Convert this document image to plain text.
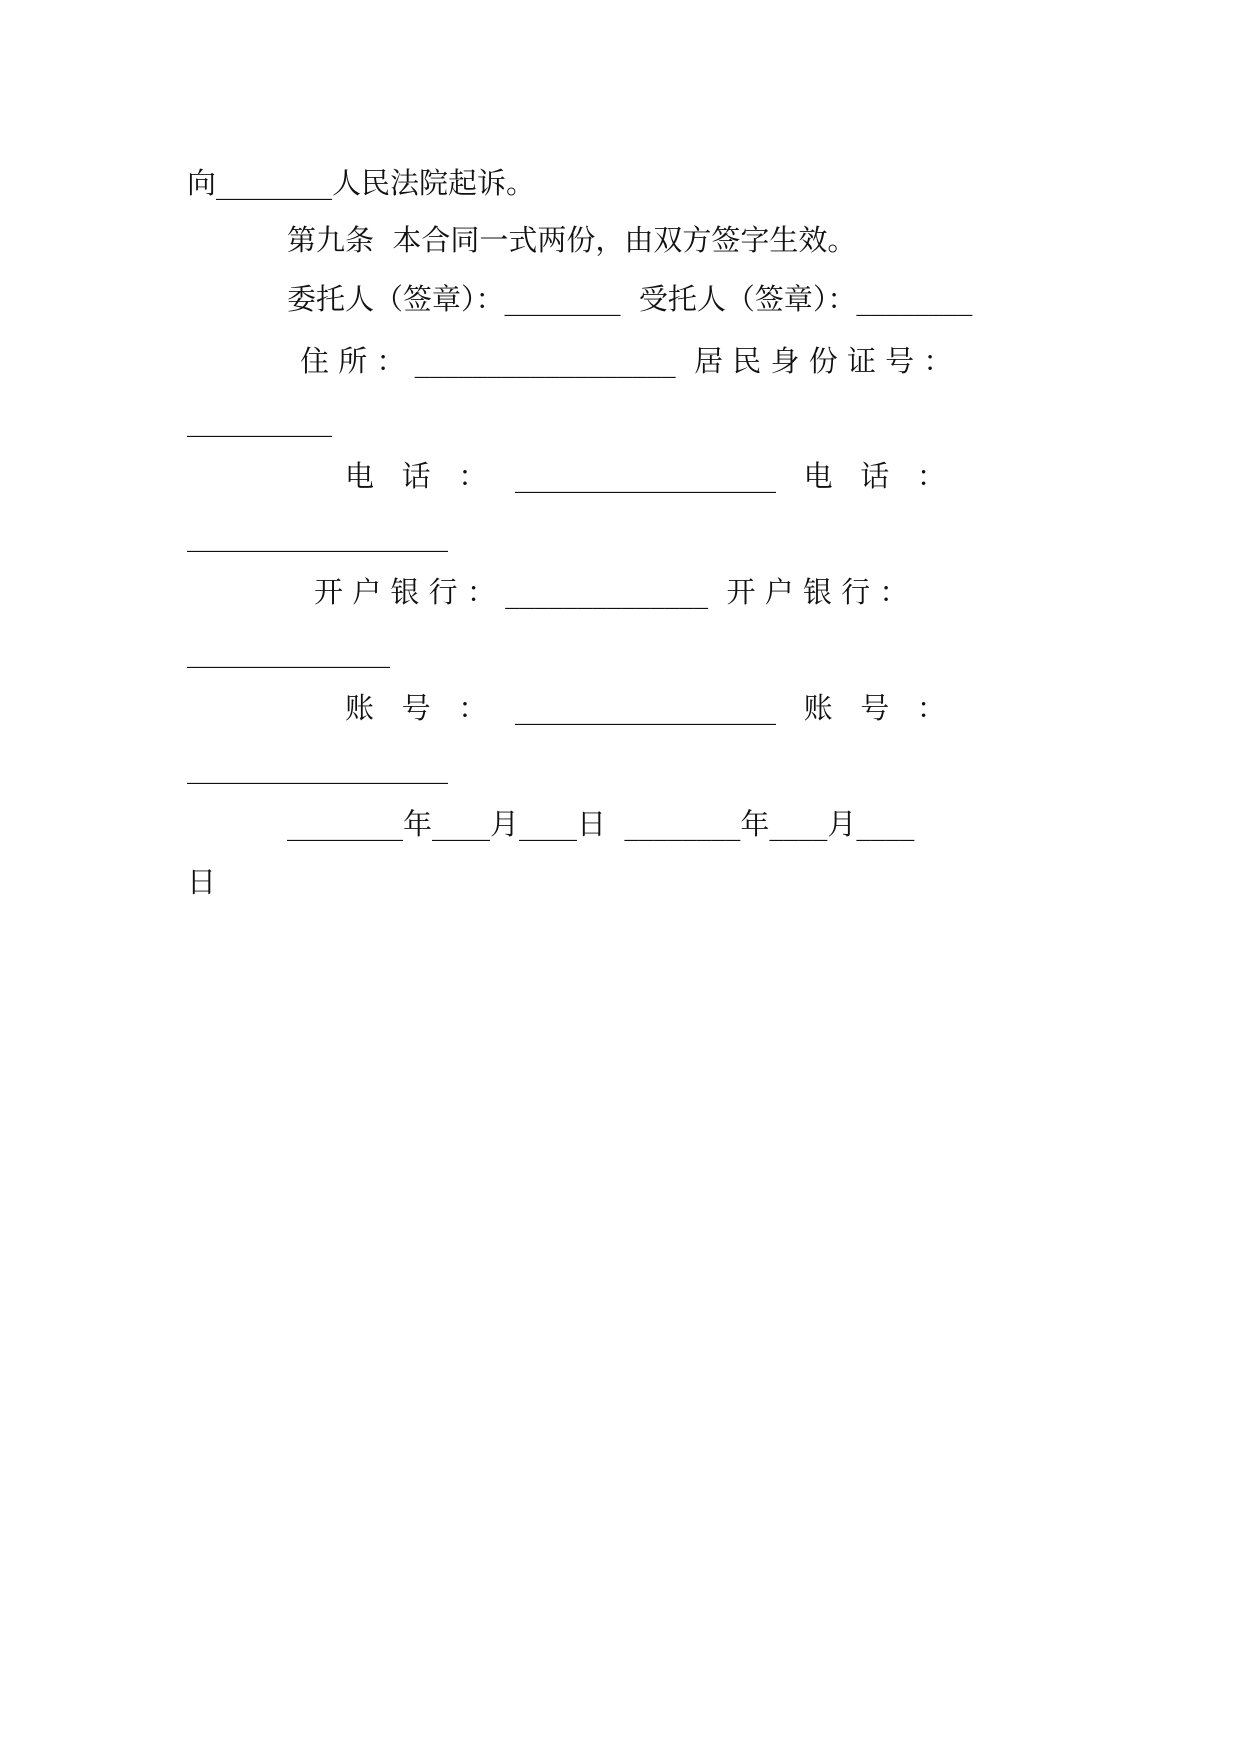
向________人民法院起诉。
第九条  本合同一式两份，由双方签字生效。
委托人（签章）：________  受托人（签章）：________
住 所 ： __________________  居 民 身 份 证 号 ：
__________
电   话   ：   __________________   电   话   ：
__________________
开 户 银 行 ： ______________  开 户 银 行 ：
______________
账   号   ：   __________________   账   号   ：
__________________
________年____月____日  ________年____月____
日
